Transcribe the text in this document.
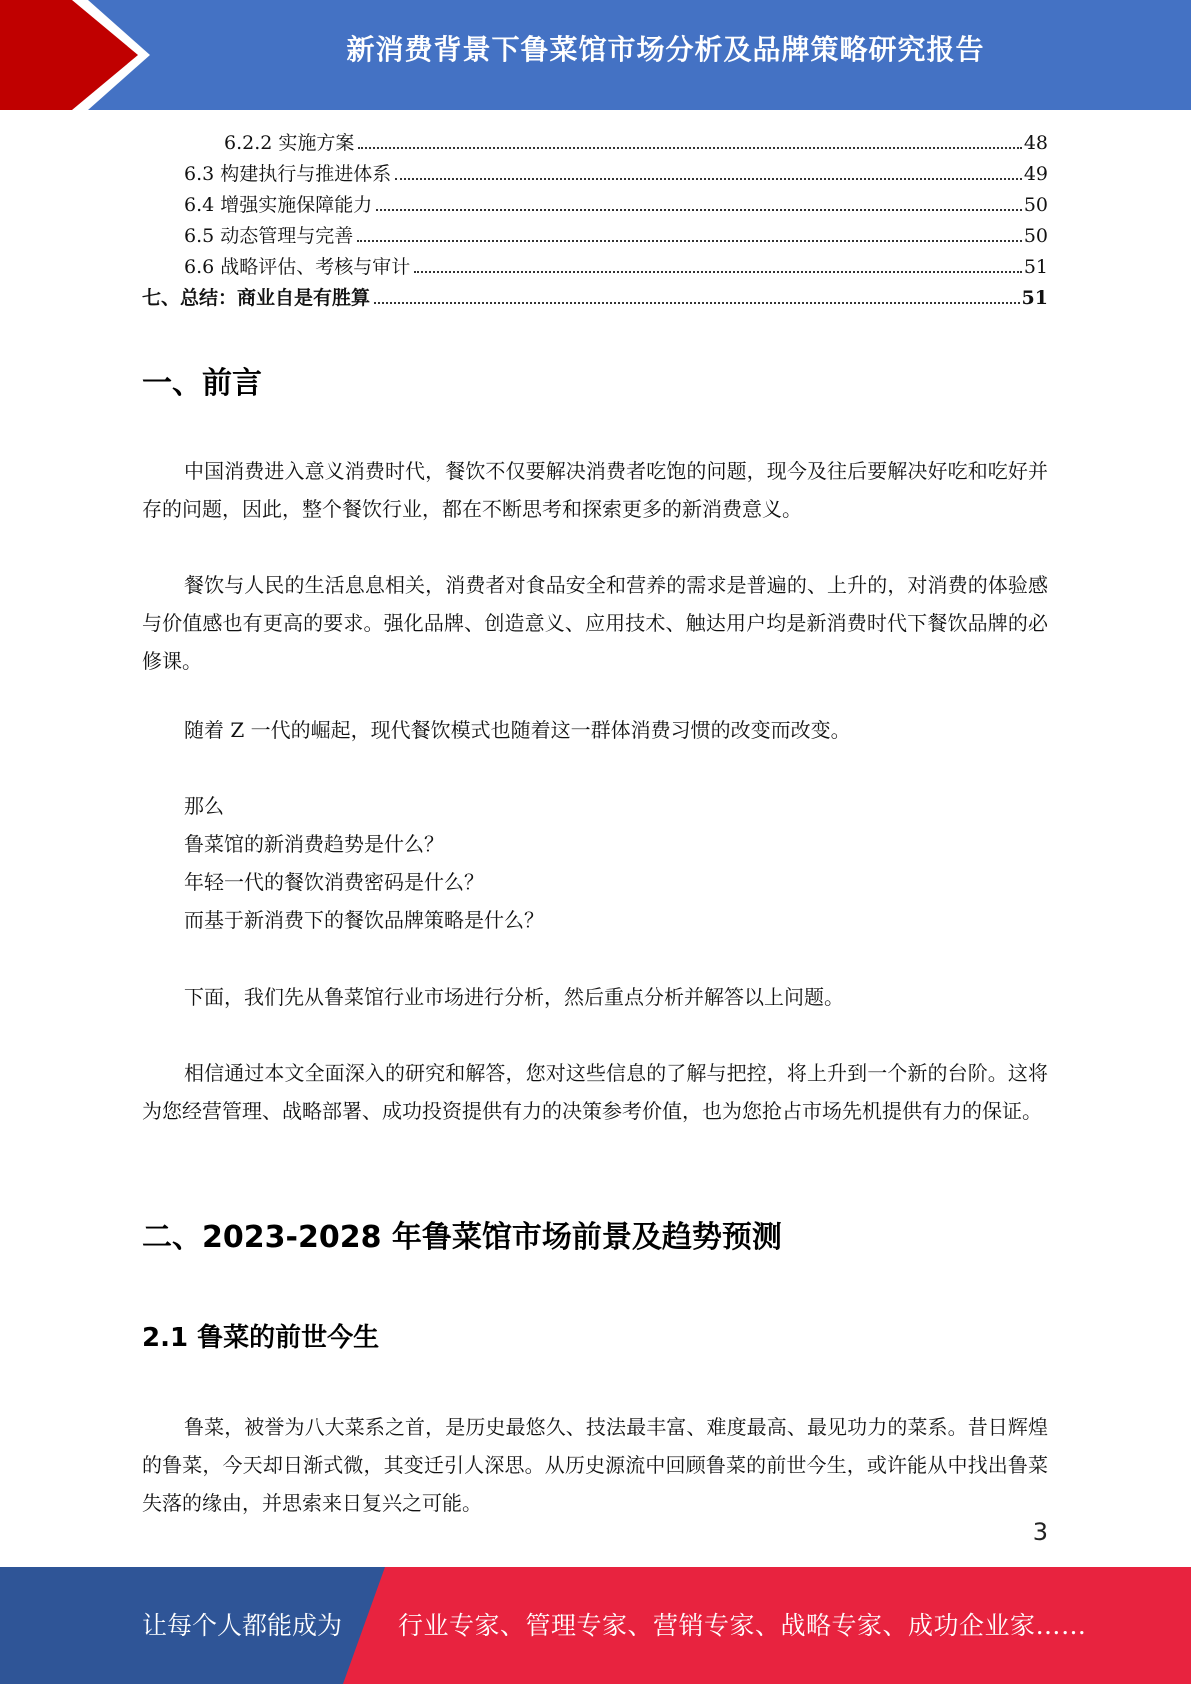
新消费背景下鲁菜馆市场分析及品牌策略研究报告
6.2.2 实施方案	48
6.3 构建执行与推进体系	49
6.4 增强实施保障能力	50
6.5 动态管理与完善	50
6.6 战略评估、考核与审计	51
七、总结：商业自是有胜算	51
一、前言

中国消费进入意义消费时代，餐饮不仅要解决消费者吃饱的问题，现今及往后要解决好吃和吃好并存的问题，因此，整个餐饮行业，都在不断思考和探索更多的新消费意义。

餐饮与人民的生活息息相关，消费者对食品安全和营养的需求是普遍的、上升的，对消费的体验感与价值感也有更高的要求。强化品牌、创造意义、应用技术、触达用户均是新消费时代下餐饮品牌的必修课。

随着 Z 一代的崛起，现代餐饮模式也随着这一群体消费习惯的改变而改变。

那么

鲁菜馆的新消费趋势是什么？

年轻一代的餐饮消费密码是什么？

而基于新消费下的餐饮品牌策略是什么？

下面，我们先从鲁菜馆行业市场进行分析，然后重点分析并解答以上问题。

相信通过本文全面深入的研究和解答，您对这些信息的了解与把控，将上升到一个新的台阶。这将为您经营管理、战略部署、成功投资提供有力的决策参考价值，也为您抢占市场先机提供有力的保证。

二、2023-2028 年鲁菜馆市场前景及趋势预测
2.1 鲁菜的前世今生

鲁菜，被誉为八大菜系之首，是历史最悠久、技法最丰富、难度最高、最见功力的菜系。昔日辉煌的鲁菜，今天却日渐式微，其变迁引人深思。从历史源流中回顾鲁菜的前世今生，或许能从中找出鲁菜失落的缘由，并思索来日复兴之可能。

3
让每个人都能成为 行业专家、管理专家、营销专家、战略专家、成功企业家……
